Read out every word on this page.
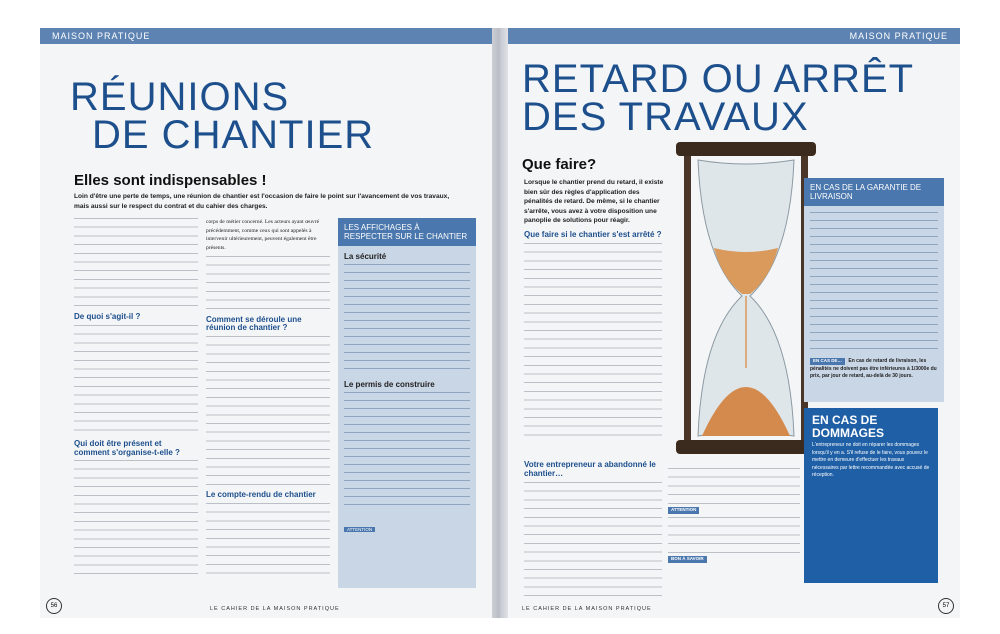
MAISON PRATIQUE
RÉUNIONS
DE CHANTIER
Elles sont indispensables !
Loin d'être une perte de temps, une réunion de chantier est l'occasion de faire le point sur l'avancement de vos travaux, mais aussi sur le respect du contrat et du cahier des charges.

De quoi s'agit-il ?

Qui doit être présent et comment s'organise-t-elle ?

corps de métier concerné. Les acteurs ayant œuvré précédemment, comme ceux qui sont appelés à intervenir ultérieurement, peuvent également être présents.

Comment se déroule une réunion de chantier ?

Le compte-rendu de chantier

LES AFFICHAGES À RESPECTER SUR LE CHANTIER
La sécurité
Le permis de construire
ATTENTION
56	LE CAHIER DE LA MAISON PRATIQUE
MAISON PRATIQUE
RETARD OU ARRÊT
DES TRAVAUX
Que faire?
Lorsque le chantier prend du retard, il existe bien sûr des règles d'application des pénalités de retard. De même, si le chantier s'arrête, vous avez à votre disposition une panoplie de solutions pour réagir.
Que faire si le chantier s'est arrêté ?

Votre entrepreneur a abandonné le chantier…

ATTENTION

BON À SAVOIR

EN CAS DE LA GARANTIE DE LIVRAISON
EN CAS DE… En cas de retard de livraison, les pénalités ne doivent pas être inférieures à 1/3000e du prix, par jour de retard, au-delà de 30 jours.
EN CAS DE DOMMAGES

L'entrepreneur ne doit en réparer les dommages lorsqu'il y en a. S'il refuse de le faire, vous pouvez le mettre en demeure d'effectuer les travaux nécessaires par lettre recommandée avec accusé de réception.

57
LE CAHIER DE LA MAISON PRATIQUE
